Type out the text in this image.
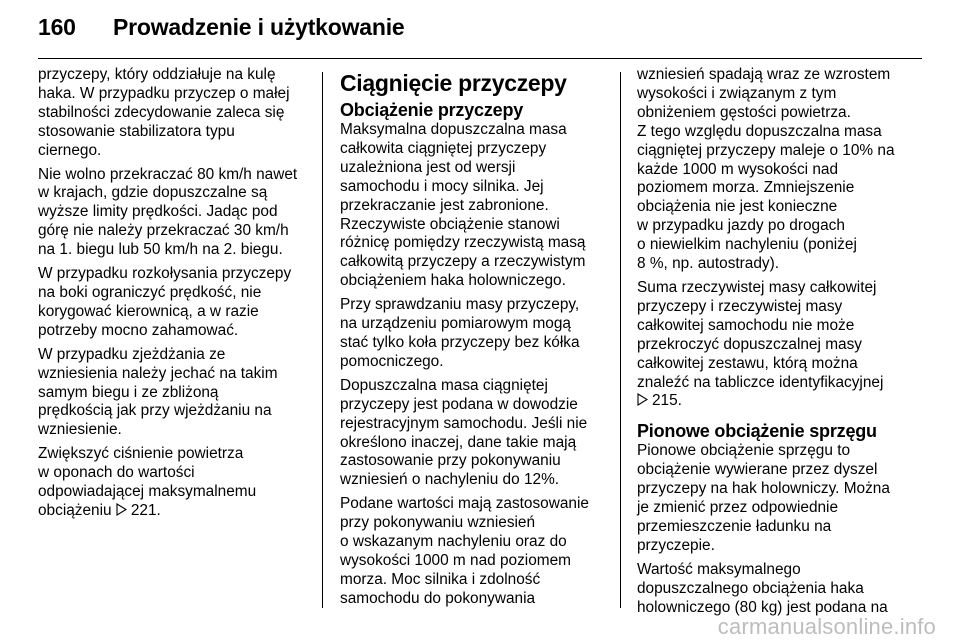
160	Prowadzenie i użytkowanie

przyczepy, który oddziałuje na kulę
haka. W przypadku przyczep o małej
stabilności zdecydowanie zaleca się
stosowanie stabilizatora typu
ciernego.

Nie wolno przekraczać 80 km/h nawet
w krajach, gdzie dopuszczalne są
wyższe limity prędkości. Jadąc pod
górę nie należy przekraczać 30 km/h
na 1. biegu lub 50 km/h na 2. biegu.

W przypadku rozkołysania przyczepy
na boki ograniczyć prędkość, nie
korygować kierownicą, a w razie
potrzeby mocno zahamować.

W przypadku zjeżdżania ze
wzniesienia należy jechać na takim
samym biegu i ze zbliżoną
prędkością jak przy wjeżdżaniu na
wzniesienie.

Zwiększyć ciśnienie powietrza
w oponach do wartości
odpowiadającej maksymalnemu
obciążeniu 221.

Ciągnięcie przyczepy
Obciążenie przyczepy

Maksymalna dopuszczalna masa
całkowita ciągniętej przyczepy
uzależniona jest od wersji
samochodu i mocy silnika. Jej
przekraczanie jest zabronione.
Rzeczywiste obciążenie stanowi
różnicę pomiędzy rzeczywistą masą
całkowitą przyczepy a rzeczywistym
obciążeniem haka holowniczego.

Przy sprawdzaniu masy przyczepy,
na urządzeniu pomiarowym mogą
stać tylko koła przyczepy bez kółka
pomocniczego.

Dopuszczalna masa ciągniętej
przyczepy jest podana w dowodzie
rejestracyjnym samochodu. Jeśli nie
określono inaczej, dane takie mają
zastosowanie przy pokonywaniu
wzniesień o nachyleniu do 12%.

Podane wartości mają zastosowanie
przy pokonywaniu wzniesień
o wskazanym nachyleniu oraz do
wysokości 1000 m nad poziomem
morza. Moc silnika i zdolność
samochodu do pokonywania

wzniesień spadają wraz ze wzrostem
wysokości i związanym z tym
obniżeniem gęstości powietrza.
Z tego względu dopuszczalna masa
ciągniętej przyczepy maleje o 10% na
każde 1000 m wysokości nad
poziomem morza. Zmniejszenie
obciążenia nie jest konieczne
w przypadku jazdy po drogach
o niewielkim nachyleniu (poniżej
8 %, np. autostrady).

Suma rzeczywistej masy całkowitej
przyczepy i rzeczywistej masy
całkowitej samochodu nie może
przekroczyć dopuszczalnej masy
całkowitej zestawu, którą można
znaleźć na tabliczce identyfikacyjnej
215.

Pionowe obciążenie sprzęgu

Pionowe obciążenie sprzęgu to
obciążenie wywierane przez dyszel
przyczepy na hak holowniczy. Można
je zmienić przez odpowiednie
przemieszczenie ładunku na
przyczepie.

Wartość maksymalnego
dopuszczalnego obciążenia haka
holowniczego (80 kg) jest podana na

carmanualsonline.info
